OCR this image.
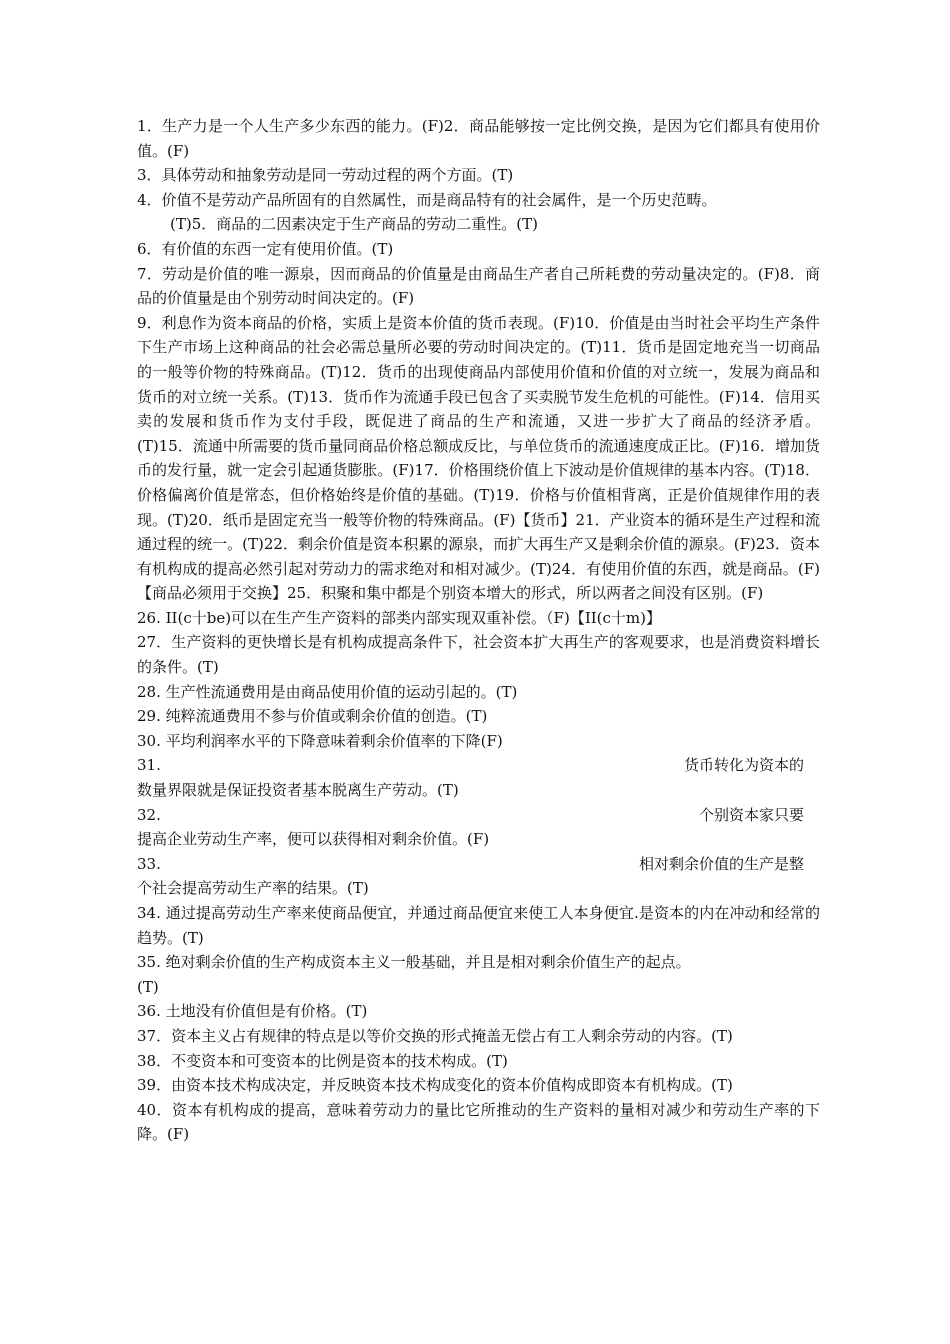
1．生产力是一个人生产多少东西的能力。(F)2．商品能够按一定比例交换，是因为它们都具有使用价值。(F)

3．具体劳动和抽象劳动是同一劳动过程的两个方面。(T)

4．价值不是劳动产品所固有的自然属性，而是商品特有的社会属件，是一个历史范畴。

(T)5．商品的二因素决定于生产商品的劳动二重性。(T)

6．有价值的东西一定有使用价值。(T)

7．劳动是价值的唯一源泉，因而商品的价值量是由商品生产者自己所耗费的劳动量决定的。(F)8．商品的价值量是由个别劳动时间决定的。(F)

9．利息作为资本商品的价格，实质上是资本价值的货币表现。(F)10．价值是由当时社会平均生产条件下生产市场上这种商品的社会必需总量所必要的劳动时间决定的。(T)11．货币是固定地充当一切商品的一般等价物的特殊商品。(T)12．货币的出现使商品内部使用价值和价值的对立统一，发展为商品和货币的对立统一关系。(T)13．货币作为流通手段已包含了买卖脱节发生危机的可能性。(F)14．信用买卖的发展和货币作为支付手段，既促进了商品的生产和流通，又进一步扩大了商品的经济矛盾。(T)15．流通中所需要的货币量同商品价格总额成反比，与单位货币的流通速度成正比。(F)16．增加货币的发行量，就一定会引起通货膨胀。(F)17．价格围绕价值上下波动是价值规律的基本内容。(T)18．价格偏离价值是常态，但价格始终是价值的基础。(T)19．价格与价值相背离，正是价值规律作用的表现。(T)20．纸币是固定充当一般等价物的特殊商品。(F)【货币】21．产业资本的循环是生产过程和流通过程的统一。(T)22．剩余价值是资本积累的源泉，而扩大再生产又是剩余价值的源泉。(F)23．资本有机构成的提高必然引起对劳动力的需求绝对和相对减少。(T)24．有使用价值的东西，就是商品。(F)【商品必须用于交换】25．积聚和集中都是个别资本增大的形式，所以两者之间没有区别。(F)

26. II(c十be)可以在生产生产资料的部类内部实现双重补偿。（F)【II(c十m)】

27．生产资料的更快增长是有机构成提高条件下，社会资本扩大再生产的客观要求，也是消费资料增长的条件。(T)

28. 生产性流通费用是由商品使用价值的运动引起的。(T)

29. 纯粹流通费用不参与价值或剩余价值的创造。(T)

30. 平均利润率水平的下降意味着剩余价值率的下降(F)

31.	货币转化为资本的

数量界限就是保证投资者基本脱离生产劳动。(T)

32.	个别资本家只要

提高企业劳动生产率，便可以获得相对剩余价值。(F)

33.	相对剩余价值的生产是整

个社会提高劳动生产率的结果。(T)

34. 通过提高劳动生产率来使商品便宜，并通过商品便宜来使工人本身便宜.是资本的内在冲动和经常的趋势。(T)

35. 绝对剩余价值的生产构成资本主义一般基础，并且是相对剩余价值生产的起点。

(T)

36. 土地没有价值但是有价格。(T)

37．资本主义占有规律的特点是以等价交换的形式掩盖无偿占有工人剩余劳动的内容。(T)

38．不变资本和可变资本的比例是资本的技术构成。(T)

39．由资本技术构成决定，并反映资本技术构成变化的资本价值构成即资本有机构成。(T)

40．资本有机构成的提高，意味着劳动力的量比它所推动的生产资料的量相对减少和劳动生产率的下降。(F)
